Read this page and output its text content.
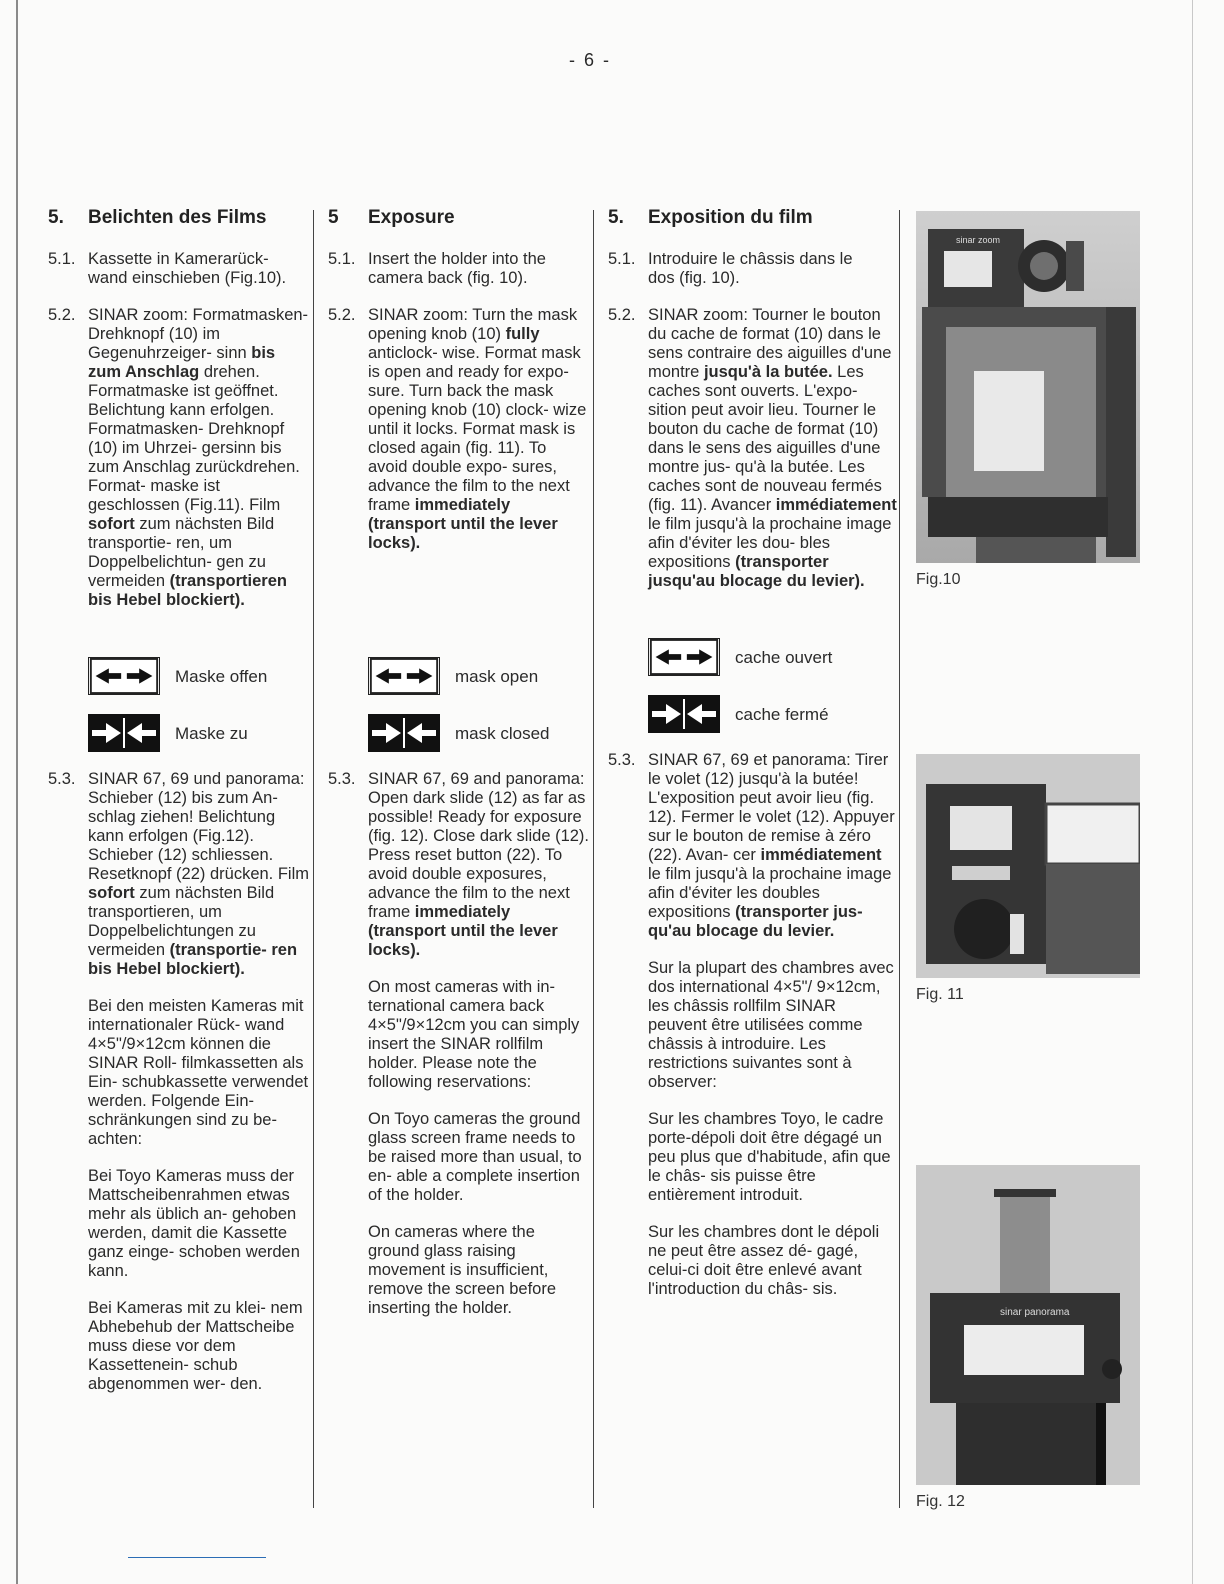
- 6 -
5. Belichten des Films
5.1. Kassette in Kamerarück- wand einschieben (Fig.10).
5.2. SINAR zoom: Formatmasken-Drehknopf (10) im Gegenuhrzeiger- sinn bis zum Anschlag drehen. Formatmaske ist geöffnet. Belichtung kann erfolgen. Formatmasken- Drehknopf (10) im Uhrzei- gersinn bis zum Anschlag zurückdrehen. Format- maske ist geschlossen (Fig.11). Film sofort zum nächsten Bild transportie- ren, um Doppelbelichtun- gen zu vermeiden (transportieren bis Hebel blockiert).
Maske offen
Maske zu
5.3. SINAR 67, 69 und panorama: Schieber (12) bis zum An- schlag ziehen! Belichtung kann erfolgen (Fig.12). Schieber (12) schliessen. Resetknopf (22) drücken. Film sofort zum nächsten Bild transportieren, um Doppelbelichtungen zu vermeiden (transportie- ren bis Hebel blockiert).
Bei den meisten Kameras mit internationaler Rück- wand 4×5"/9×12cm können die SINAR Roll- filmkassetten als Ein- schubkassette verwendet werden. Folgende Ein- schränkungen sind zu be- achten:
Bei Toyo Kameras muss der Mattscheibenrahmen etwas mehr als üblich an- gehoben werden, damit die Kassette ganz einge- schoben werden kann.
Bei Kameras mit zu klei- nem Abhebehub der Mattscheibe muss diese vor dem Kassettenein- schub abgenommen wer- den.
5 Exposure
5.1. Insert the holder into the camera back (fig. 10).
5.2. SINAR zoom: Turn the mask opening knob (10) fully anticlock- wise. Format mask is open and ready for expo- sure. Turn back the mask opening knob (10) clock- wize until it locks. Format mask is closed again (fig. 11). To avoid double expo- sures, advance the film to the next frame immediately (transport until the lever locks).
mask open
mask closed
5.3. SINAR 67, 69 and panorama: Open dark slide (12) as far as possible! Ready for exposure (fig. 12). Close dark slide (12). Press reset button (22). To avoid double exposures, advance the film to the next frame immediately (transport until the lever locks).
On most cameras with in- ternational camera back 4×5"/9×12cm you can simply insert the SINAR rollfilm holder. Please note the following reservations:
On Toyo cameras the ground glass screen frame needs to be raised more than usual, to en- able a complete insertion of the holder.
On cameras where the ground glass raising movement is insufficient, remove the screen before inserting the holder.
5. Exposition du film
5.1. Introduire le châssis dans le dos (fig. 10).
5.2. SINAR zoom: Tourner le bouton du cache de format (10) dans le sens contraire des aiguilles d'une montre jusqu'à la butée. Les caches sont ouverts. L'expo- sition peut avoir lieu. Tourner le bouton du cache de format (10) dans le sens des aiguilles d'une montre jus- qu'à la butée. Les caches sont de nouveau fermés (fig. 11). Avancer immédiatement le film jusqu'à la prochaine image afin d'éviter les dou- bles expositions (transporter jusqu'au blocage du levier).
cache ouvert
cache fermé
5.3. SINAR 67, 69 et panorama: Tirer le volet (12) jusqu'à la butée! L'exposition peut avoir lieu (fig. 12). Fermer le volet (12). Appuyer sur le bouton de remise à zéro (22). Avan- cer immédiatement le film jusqu'à la prochaine image afin d'éviter les doubles expositions (transporter jus- qu'au blocage du levier.
Sur la plupart des chambres avec dos international 4×5"/ 9×12cm, les châssis rollfilm SINAR peuvent être utilisées comme châssis à introduire. Les restrictions suivantes sont à observer:
Sur les chambres Toyo, le cadre porte-dépoli doit être dégagé un peu plus que d'habitude, afin que le châs- sis puisse être entièrement introduit.
Sur les chambres dont le dépoli ne peut être assez dé- gagé, celui-ci doit être enlevé avant l'introduction du châs- sis.
sinar zoom
Fig.10
Fig. 11
sinar panorama
Fig. 12
